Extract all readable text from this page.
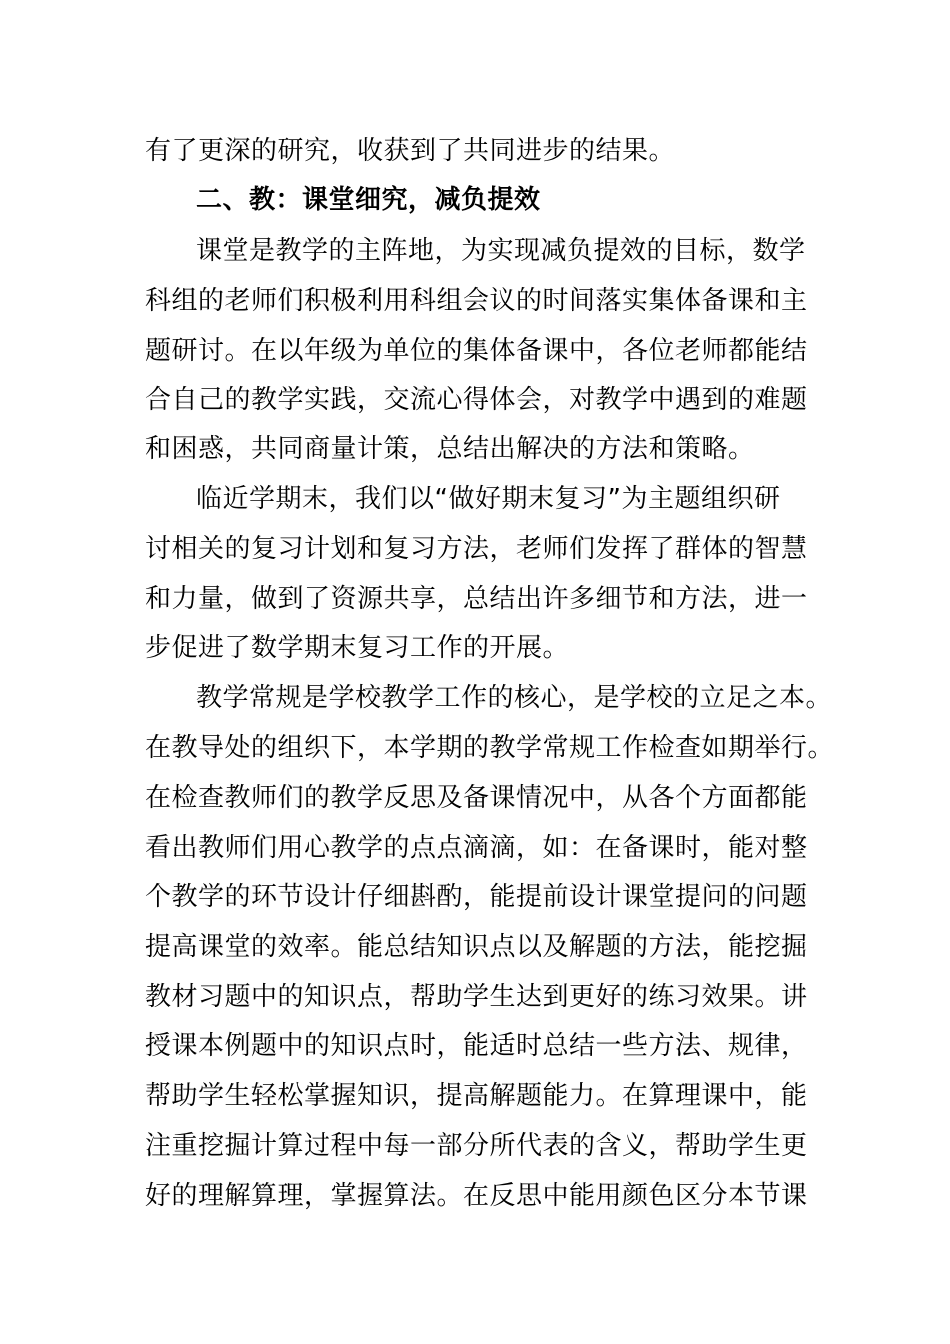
有了更深的研究，收获到了共同进步的结果。
二、教：课堂细究，减负提效
课堂是教学的主阵地，为实现减负提效的目标，数学
科组的老师们积极利用科组会议的时间落实集体备课和主
题研讨。在以年级为单位的集体备课中，各位老师都能结
合自己的教学实践，交流心得体会，对教学中遇到的难题
和困惑，共同商量计策，总结出解决的方法和策略。
临近学期末，我们以“做好期末复习”为主题组织研
讨相关的复习计划和复习方法，老师们发挥了群体的智慧
和力量，做到了资源共享，总结出许多细节和方法，进一
步促进了数学期末复习工作的开展。
教学常规是学校教学工作的核心，是学校的立足之本。
在教导处的组织下，本学期的教学常规工作检查如期举行。
在检查教师们的教学反思及备课情况中，从各个方面都能
看出教师们用心教学的点点滴滴，如：在备课时，能对整
个教学的环节设计仔细斟酌，能提前设计课堂提问的问题
提高课堂的效率。能总结知识点以及解题的方法，能挖掘
教材习题中的知识点，帮助学生达到更好的练习效果。讲
授课本例题中的知识点时，能适时总结一些方法、规律，
帮助学生轻松掌握知识，提高解题能力。在算理课中，能
注重挖掘计算过程中每一部分所代表的含义，帮助学生更
好的理解算理，掌握算法。在反思中能用颜色区分本节课
